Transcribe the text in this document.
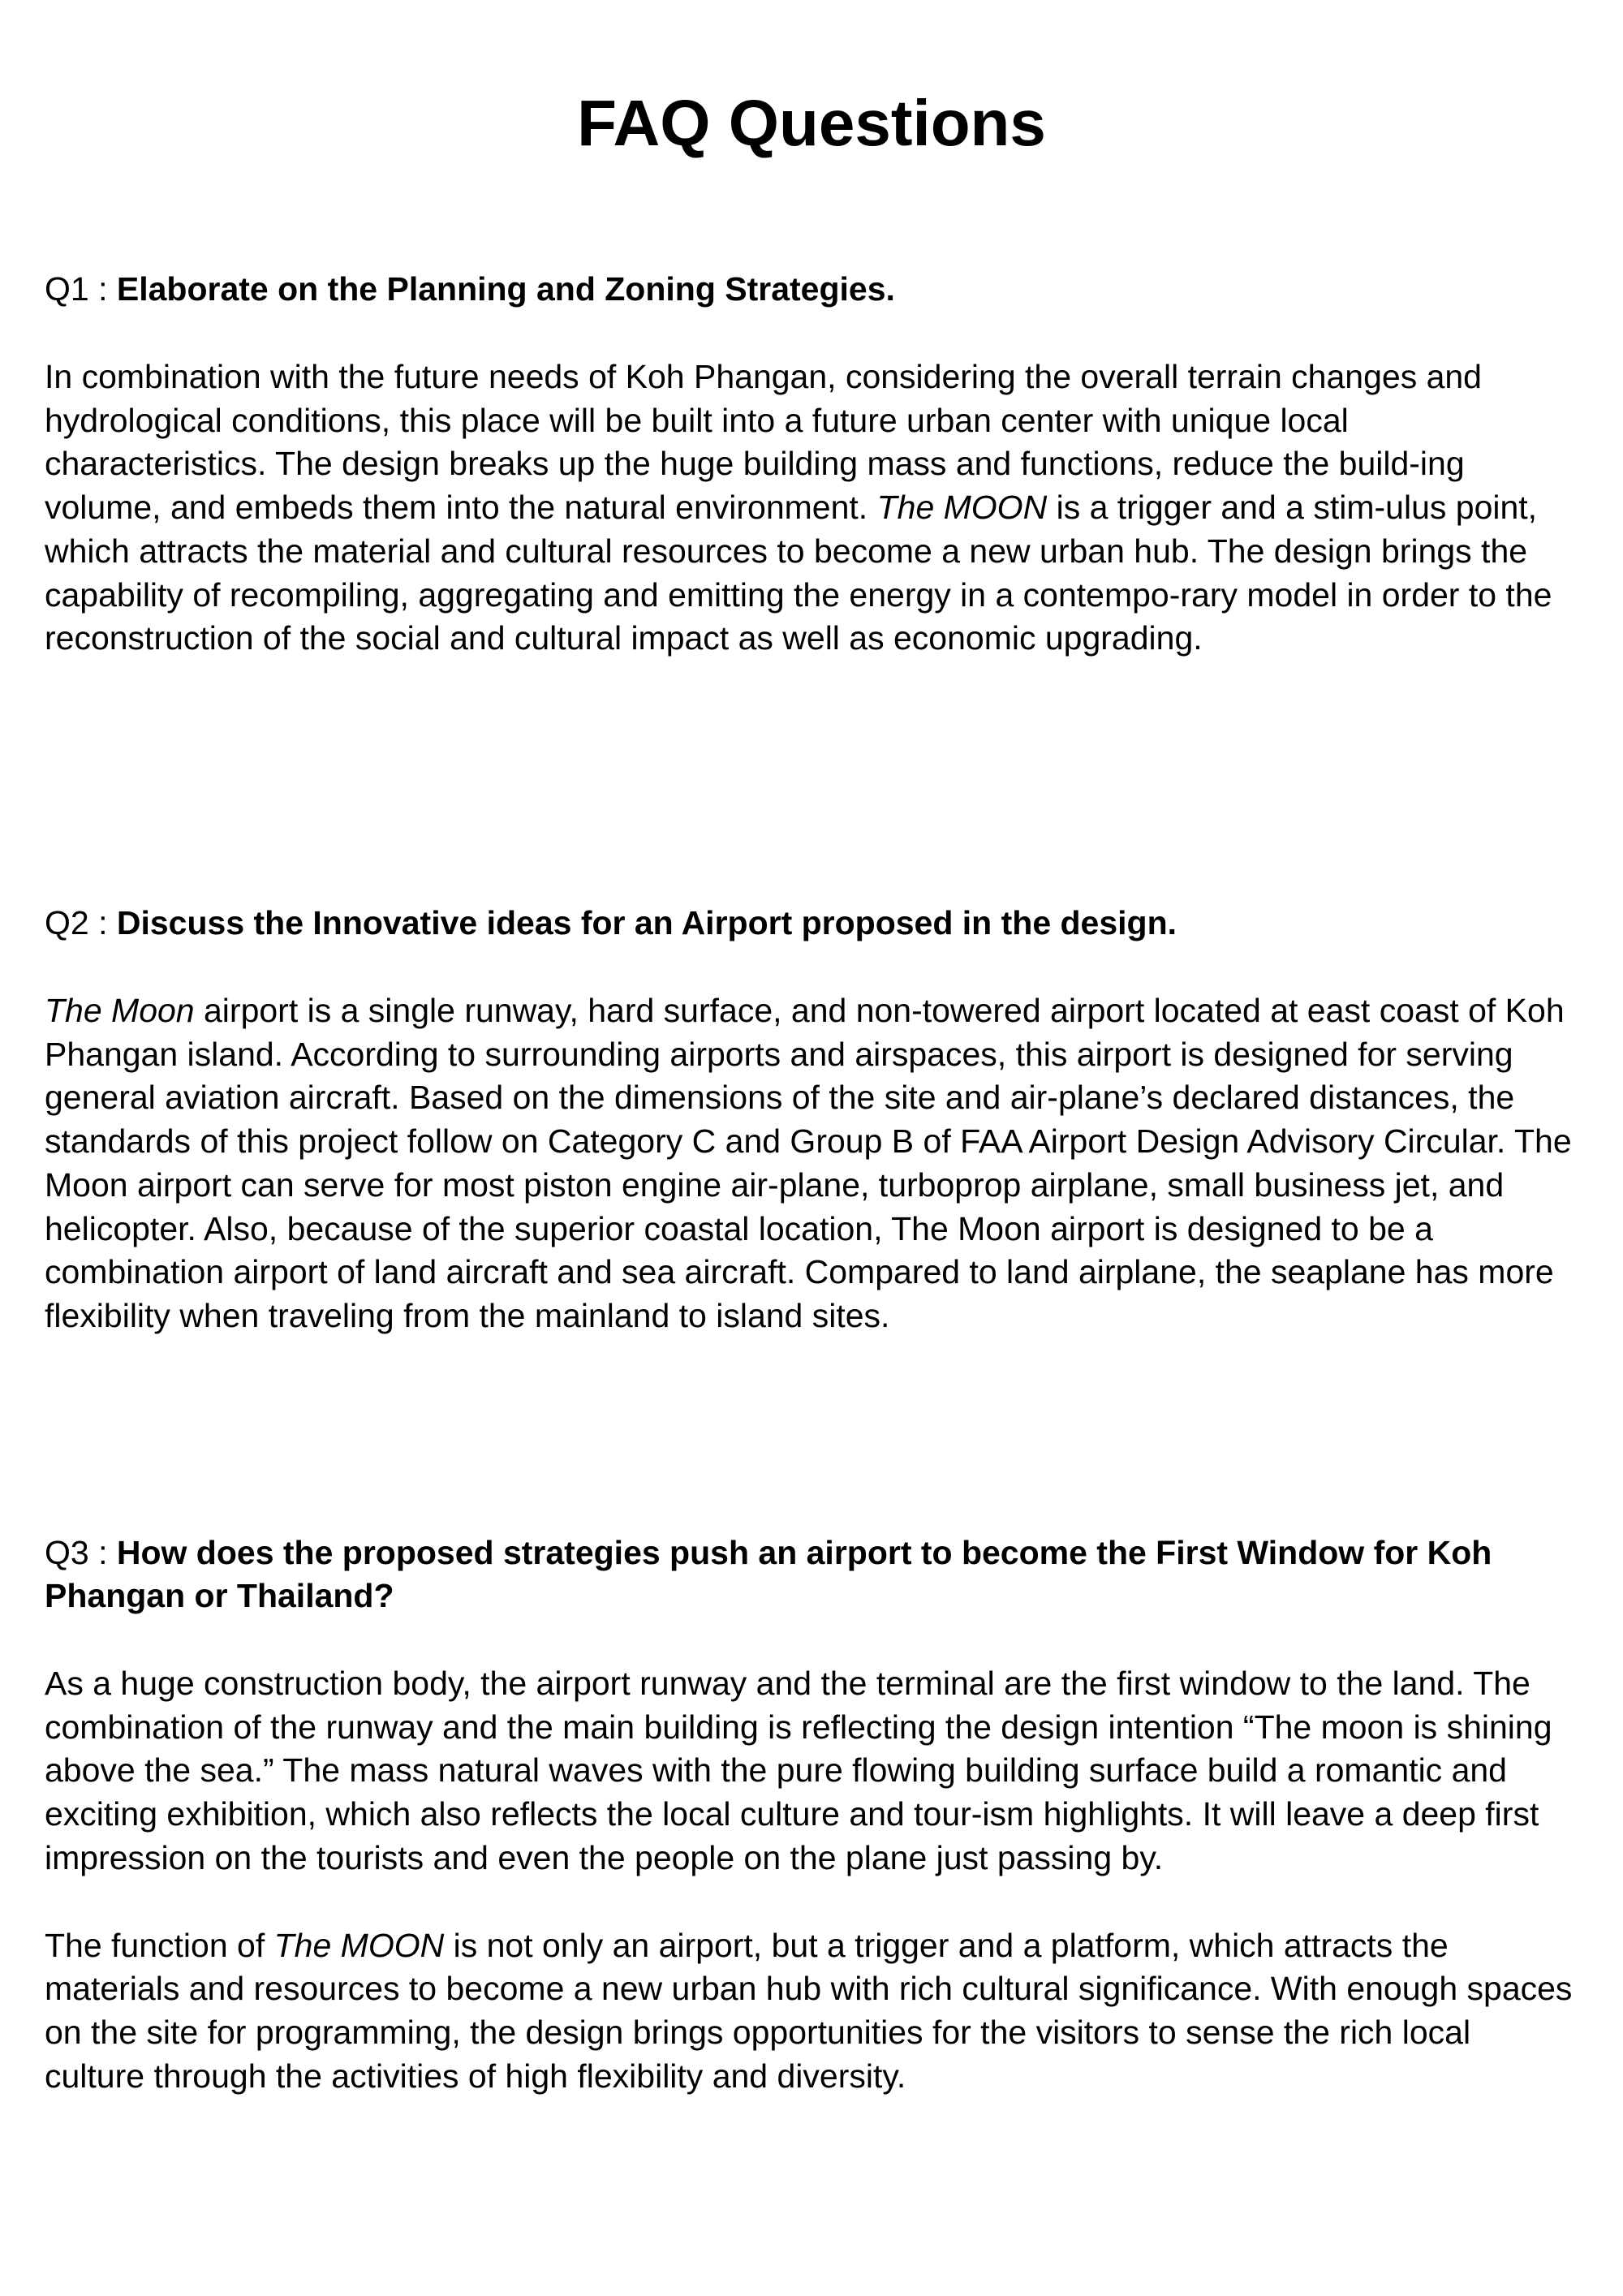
FAQ Questions

Q1 : Elaborate on the Planning and Zoning Strategies.

In combination with the future needs of Koh Phangan, considering the overall terrain changes and hydrological conditions, this place will be built into a future urban center with unique local characteristics. The design breaks up the huge building mass and functions, reduce the build-ing volume, and embeds them into the natural environment. The MOON is a trigger and a stim-ulus point, which attracts the material and cultural resources to become a new urban hub. The design brings the capability of recompiling, aggregating and emitting the energy in a contempo-rary model in order to the reconstruction of the social and cultural impact as well as economic upgrading.

Q2 : Discuss the Innovative ideas for an Airport proposed in the design.

The Moon airport is a single runway, hard surface, and non-towered airport located at east coast of Koh Phangan island. According to surrounding airports and airspaces, this airport is designed for serving general aviation aircraft. Based on the dimensions of the site and air-plane’s declared distances, the standards of this project follow on Category C and Group B of FAA Airport Design Advisory Circular. The Moon airport can serve for most piston engine air-plane, turboprop airplane, small business jet, and helicopter. Also, because of the superior coastal location, The Moon airport is designed to be a combination airport of land aircraft and sea aircraft. Compared to land airplane, the seaplane has more flexibility when traveling from the mainland to island sites.

Q3 : How does the proposed strategies push an airport to become the First Window for Koh Phangan or Thailand?

As a huge construction body, the airport runway and the terminal are the first window to the land. The combination of the runway and the main building is reflecting the design intention “The moon is shining above the sea.” The mass natural waves with the pure flowing building surface build a romantic and exciting exhibition, which also reflects the local culture and tour-ism highlights. It will leave a deep first impression on the tourists and even the people on the plane just passing by.

The function of The MOON is not only an airport, but a trigger and a platform, which attracts the materials and resources to become a new urban hub with rich cultural significance. With enough spaces on the site for programming, the design brings opportunities for the visitors to sense the rich local culture through the activities of high flexibility and diversity.
